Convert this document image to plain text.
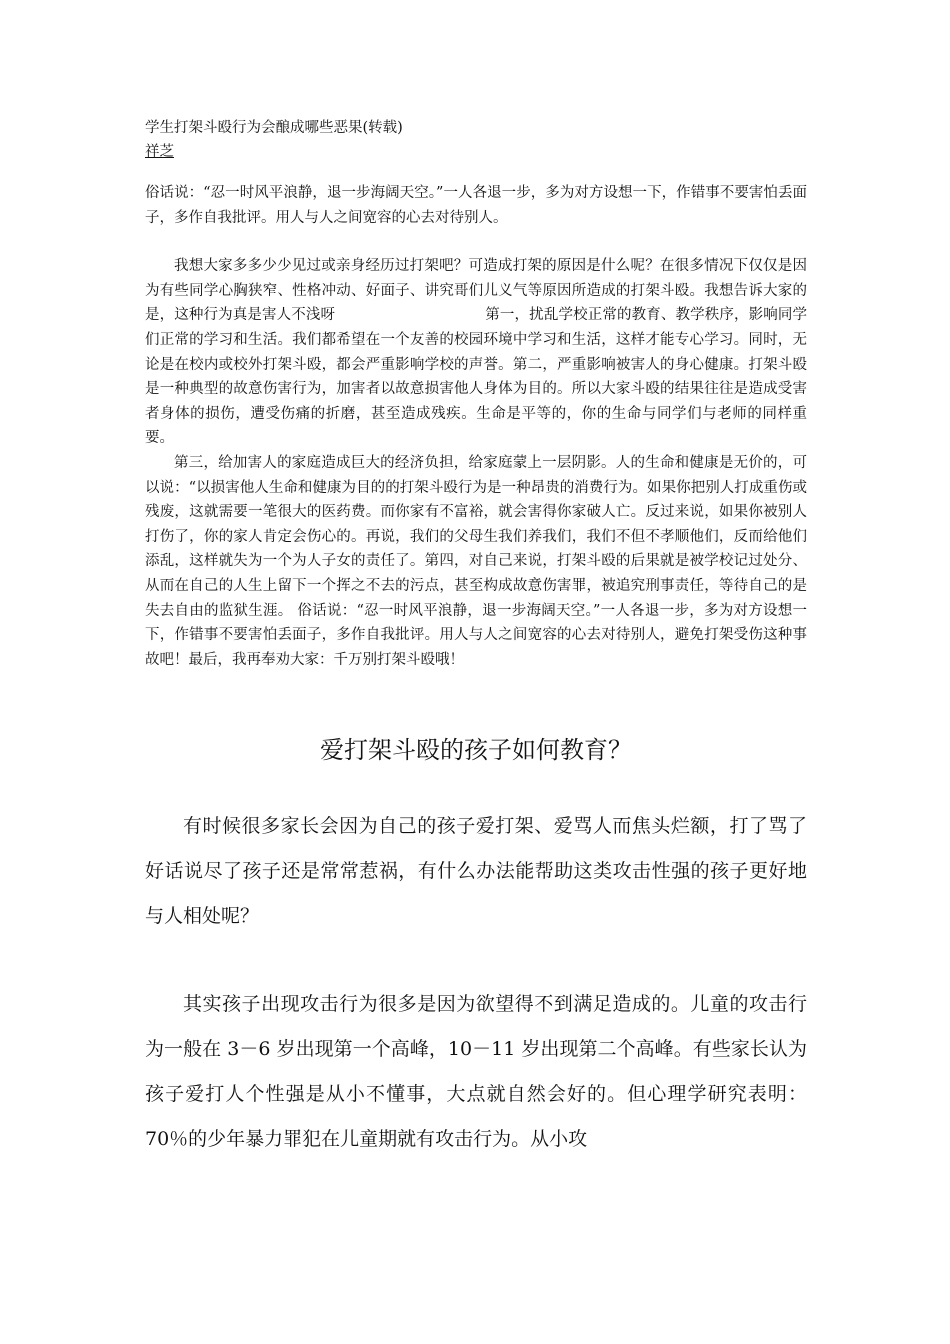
学生打架斗殴行为会酿成哪些恶果(转载)

祥芝

俗话说：“忍一时风平浪静，退一步海阔天空。”一人各退一步，多为对方设想一下，作错事不要害怕丢面子，多作自我批评。用人与人之间宽容的心去对待别人。

我想大家多多少少见过或亲身经历过打架吧？可造成打架的原因是什么呢？在很多情况下仅仅是因为有些同学心胸狭窄、性格冲动、好面子、讲究哥们儿义气等原因所造成的打架斗殴。我想告诉大家的是，这种行为真是害人不浅呀	第一，扰乱学校正常的教育、教学秩序，影响同学们正常的学习和生活。我们都希望在一个友善的校园环境中学习和生活，这样才能专心学习。同时，无论是在校内或校外打架斗殴，都会严重影响学校的声誉。第二，严重影响被害人的身心健康。打架斗殴是一种典型的故意伤害行为，加害者以故意损害他人身体为目的。所以大家斗殴的结果往往是造成受害者身体的损伤，遭受伤痛的折磨，甚至造成残疾。生命是平等的，你的生命与同学们与老师的同样重要。

第三，给加害人的家庭造成巨大的经济负担，给家庭蒙上一层阴影。人的生命和健康是无价的，可以说：“以损害他人生命和健康为目的的打架斗殴行为是一种昂贵的消费行为。如果你把别人打成重伤或残废，这就需要一笔很大的医药费。而你家有不富裕，就会害得你家破人亡。反过来说，如果你被别人打伤了，你的家人肯定会伤心的。再说，我们的父母生我们养我们，我们不但不孝顺他们，反而给他们添乱，这样就失为一个为人子女的责任了。第四，对自己来说，打架斗殴的后果就是被学校记过处分、从而在自己的人生上留下一个挥之不去的污点，甚至构成故意伤害罪，被追究刑事责任，等待自己的是失去自由的监狱生涯。 俗话说：“忍一时风平浪静，退一步海阔天空。”一人各退一步，多为对方设想一下，作错事不要害怕丢面子，多作自我批评。用人与人之间宽容的心去对待别人，避免打架受伤这种事故吧！最后，我再奉劝大家：千万别打架斗殴哦！

爱打架斗殴的孩子如何教育？

有时候很多家长会因为自己的孩子爱打架、爱骂人而焦头烂额，打了骂了好话说尽了孩子还是常常惹祸，有什么办法能帮助这类攻击性强的孩子更好地与人相处呢？

其实孩子出现攻击行为很多是因为欲望得不到满足造成的。儿童的攻击行为一般在 3－6 岁出现第一个高峰，10－11 岁出现第二个高峰。有些家长认为孩子爱打人个性强是从小不懂事，大点就自然会好的。但心理学研究表明：70％的少年暴力罪犯在儿童期就有攻击行为。从小攻
